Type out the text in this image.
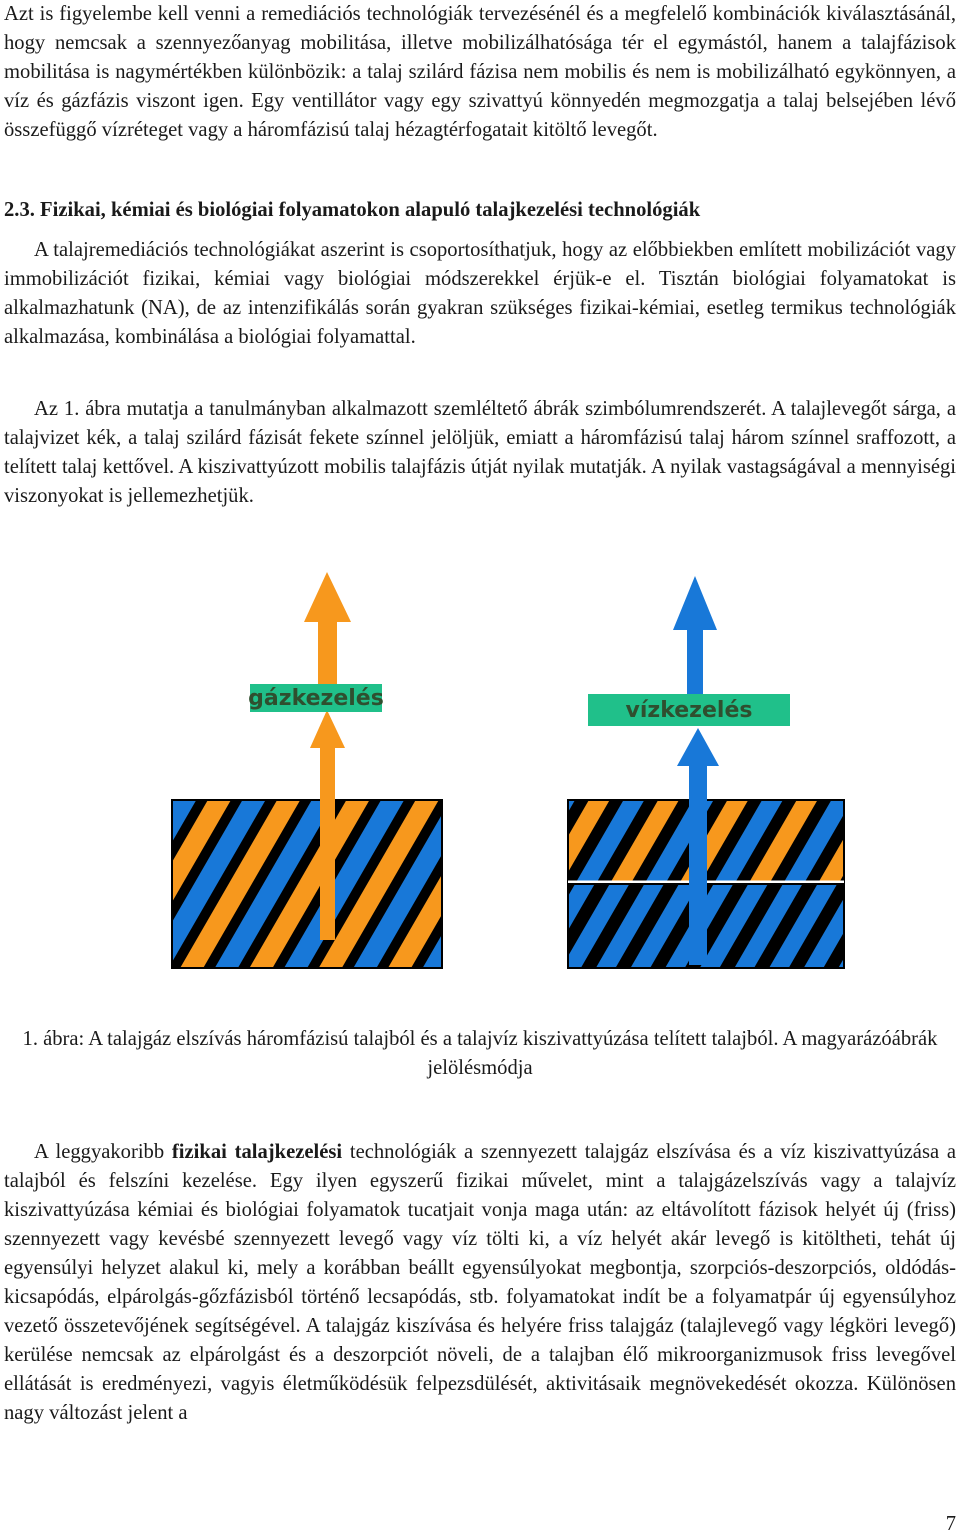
Azt is figyelembe kell venni a remediációs technológiák tervezésénél és a megfelelő kombinációk kiválasztásánál, hogy nemcsak a szennyezőanyag mobilitása, illetve mobilizálhatósága tér el egymástól, hanem a talajfázisok mobilitása is nagymértékben különbözik: a talaj szilárd fázisa nem mobilis és nem is mobilizálható egykönnyen, a víz és gázfázis viszont igen. Egy ventillátor vagy egy szivattyú könnyedén megmozgatja a talaj belsejében lévő összefüggő vízréteget vagy a háromfázisú talaj hézagtérfogatait kitöltő levegőt.

2.3. Fizikai, kémiai és biológiai folyamatokon alapuló talajkezelési technológiák

A talajremediációs technológiákat aszerint is csoportosíthatjuk, hogy az előbbiekben említett mobilizációt vagy immobilizációt fizikai, kémiai vagy biológiai módszerekkel érjük-e el. Tisztán biológiai folyamatokat is alkalmazhatunk (NA), de az intenzifikálás során gyakran szükséges fizikai-kémiai, esetleg termikus technológiák alkalmazása, kombinálása a biológiai folyamattal.

Az 1. ábra mutatja a tanulmányban alkalmazott szemléltető ábrák szimbólumrendszerét. A talajlevegőt sárga, a talajvizet kék, a talaj szilárd fázisát fekete színnel jelöljük, emiatt a háromfázisú talaj három színnel sraffozott, a telített talaj kettővel. A kiszivattyúzott mobilis talajfázis útját nyilak mutatják. A nyilak vastagságával a mennyiségi viszonyokat is jellemezhetjük.

gázkezelés	vízkezelés

1. ábra: A talajgáz elszívás háromfázisú talajból és a talajvíz kiszivattyúzása telített talajból. A magyarázóábrák jelölésmódja

A leggyakoribb fizikai talajkezelési technológiák a szennyezett talajgáz elszívása és a víz kiszivattyúzása a talajból és felszíni kezelése. Egy ilyen egyszerű fizikai művelet, mint a talajgázelszívás vagy a talajvíz kiszivattyúzása kémiai és biológiai folyamatok tucatjait vonja maga után: az eltávolított fázisok helyét új (friss) szennyezett vagy kevésbé szennyezett levegő vagy víz tölti ki, a víz helyét akár levegő is kitöltheti, tehát új egyensúlyi helyzet alakul ki, mely a korábban beállt egyensúlyokat megbontja, szorpciós-deszorpciós, oldódás-kicsapódás, elpárolgás-gőzfázisból történő lecsapódás, stb. folyamatokat indít be a folyamatpár új egyensúlyhoz vezető összetevőjének segítségével. A talajgáz kiszívása és helyére friss talajgáz (talajlevegő vagy légköri levegő) kerülése nemcsak az elpárolgást és a deszorpciót növeli, de a talajban élő mikroorganizmusok friss levegővel ellátását is eredményezi, vagyis életműködésük felpezsdülését, aktivitásaik megnövekedését okozza. Különösen nagy változást jelent a

7
